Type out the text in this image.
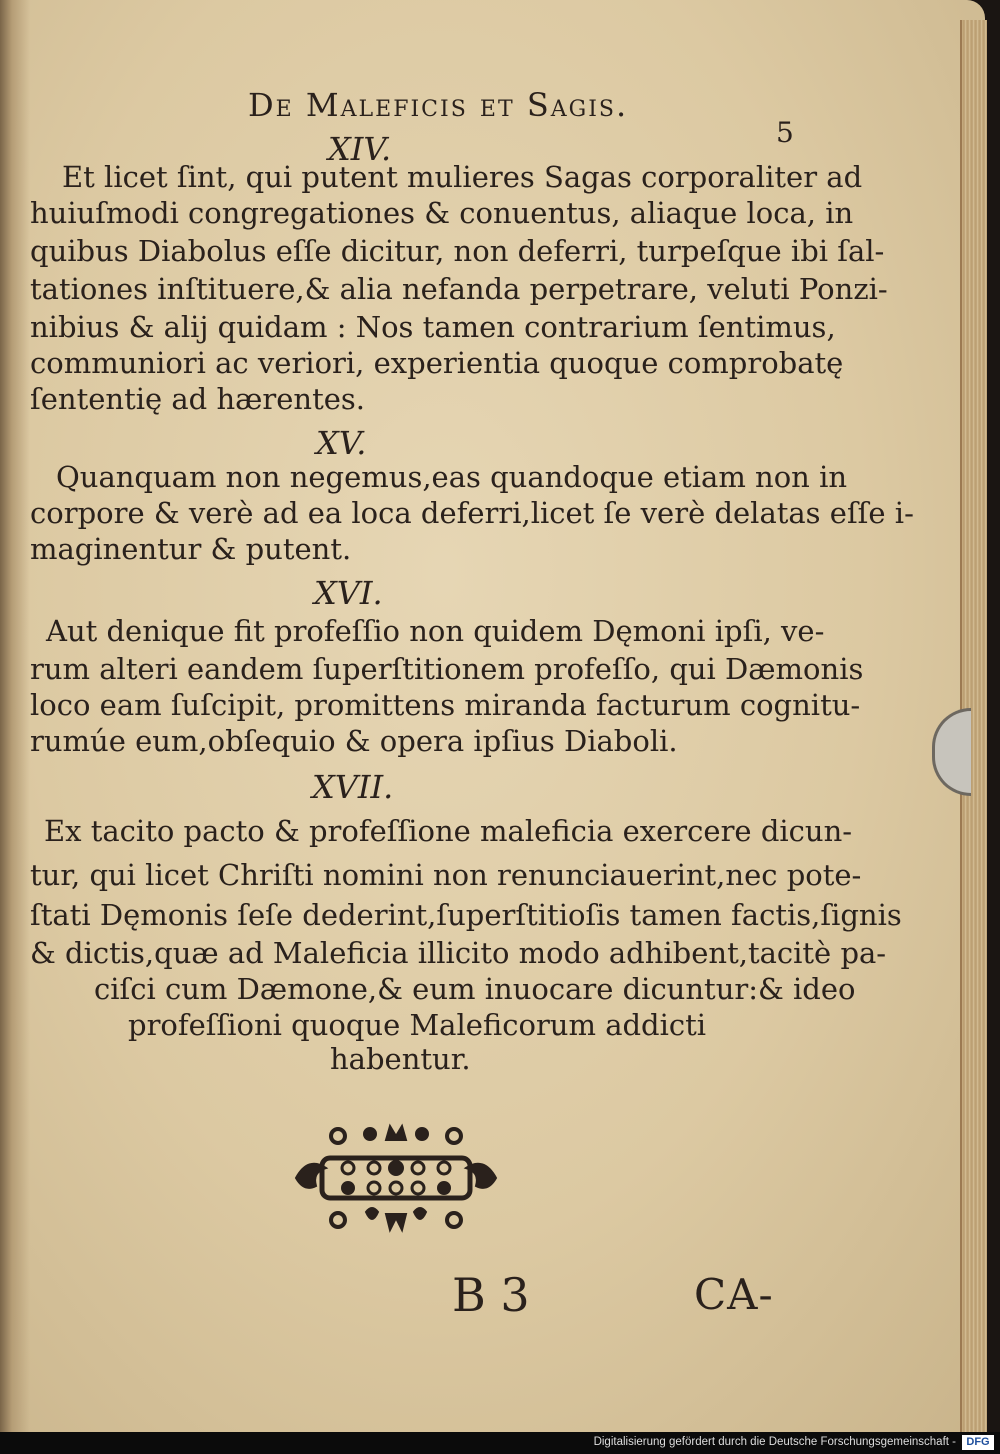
De Maleficis et Sagis.
5
XIV.
Et licet ſint, qui putent mulieres Sagas corporaliter ad
huiuſmodi congregationes & conuentus, aliaque loca, in
quibus Diabolus eſſe dicitur, non deferri, turpeſque ibi ſal-
tationes inſtituere,& alia nefanda perpetrare, veluti Ponzi-
nibius & alij quidam : Nos tamen contrarium ſentimus,
communiori ac veriori, experientia quoque comprobatę
ſententię ad hærentes.
XV.
Quanquam non negemus,eas quandoque etiam non in
corpore & verè ad ea loca deferri,licet ſe verè delatas eſſe i-
maginentur & putent.
XVI.
Aut denique fit profeſſio non quidem Dęmoni ipſi, ve-
rum alteri eandem ſuperſtitionem profeſſo, qui Dæmonis
loco eam ſuſcipit, promittens miranda facturum cognitu-
rumúe eum,obſequio & opera ipſius Diaboli.
XVII.
Ex tacito pacto & profeſſione maleficia exercere dicun-
tur, qui licet Chriſti nomini non renunciauerint,nec pote-
ſtati Dęmonis ſeſe dederint,ſuperſtitioſis tamen factis,ſignis
& dictis,quæ ad Maleficia illicito modo adhibent,tacitè pa-
ciſci cum Dæmone,& eum inuocare dicuntur:& ideo
profeſſioni quoque Maleficorum addicti
habentur.
B 3	CA-
Digitalisierung gefördert durch die Deutsche Forschungsgemeinschaft - DFG
